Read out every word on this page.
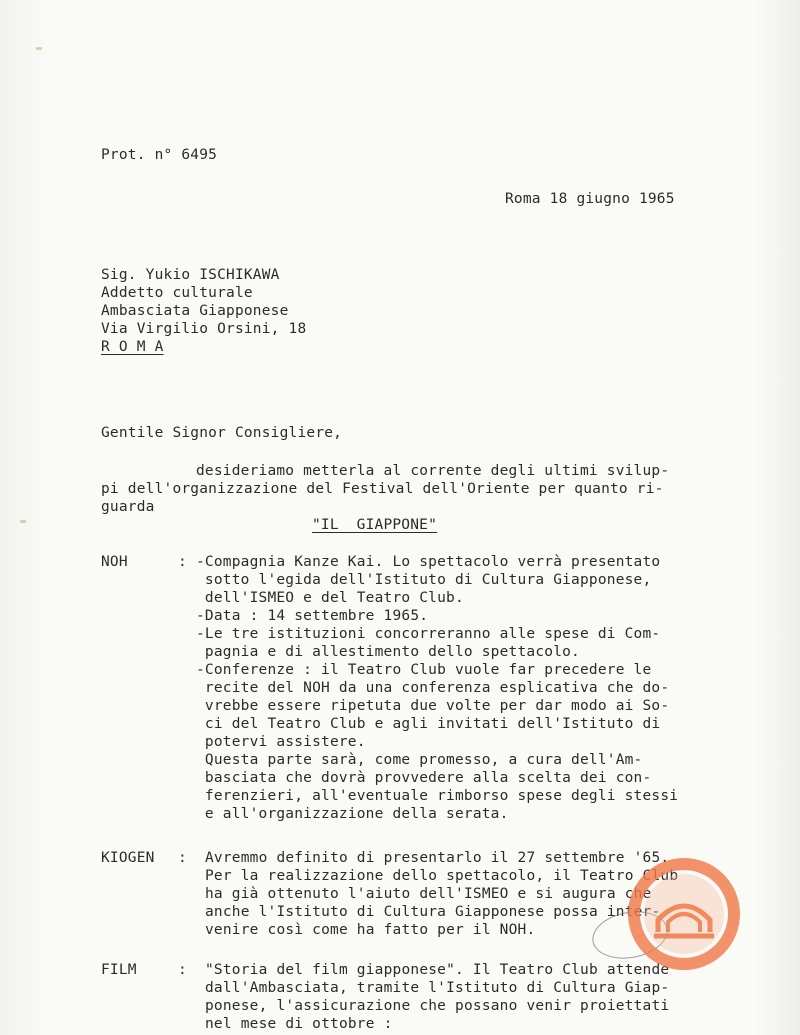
Prot. n° 6495
Roma 18 giugno 1965
Sig. Yukio ISCHIKAWA
Addetto culturale
Ambasciata Giapponese
Via Virgilio Orsini, 18
R O M A
Gentile Signor Consigliere,
desideriamo metterla al corrente degli ultimi svilup-
pi dell'organizzazione del Festival dell'Oriente per quanto ri-
guarda
"IL  GIAPPONE"
NOH	: -Compagnia Kanze Kai. Lo spettacolo verrà presentato
sotto l'egida dell'Istituto di Cultura Giapponese,
dell'ISMEO e del Teatro Club.
-Data : 14 settembre 1965.
-Le tre istituzioni concorreranno alle spese di Com-
pagnia e di allestimento dello spettacolo.
-Conferenze : il Teatro Club vuole far precedere le
recite del NOH da una conferenza esplicativa che do-
vrebbe essere ripetuta due volte per dar modo ai So-
ci del Teatro Club e agli invitati dell'Istituto di
potervi assistere.
Questa parte sarà, come promesso, a cura dell'Am-
basciata che dovrà provvedere alla scelta dei con-
ferenzieri, all'eventuale rimborso spese degli stessi
e all'organizzazione della serata.
KIOGEN : Avremmo definito di presentarlo il 27 settembre '65.
Per la realizzazione dello spettacolo, il Teatro Club
ha già ottenuto l'aiuto dell'ISMEO e si augura che
anche l'Istituto di Cultura Giapponese possa inter-
venire così come ha fatto per il NOH.
FILM	: "Storia del film giapponese". Il Teatro Club attende
dall'Ambasciata, tramite l'Istituto di Cultura Giap-
ponese, l'assicurazione che possano venir proiettati
nel mese di ottobre :
